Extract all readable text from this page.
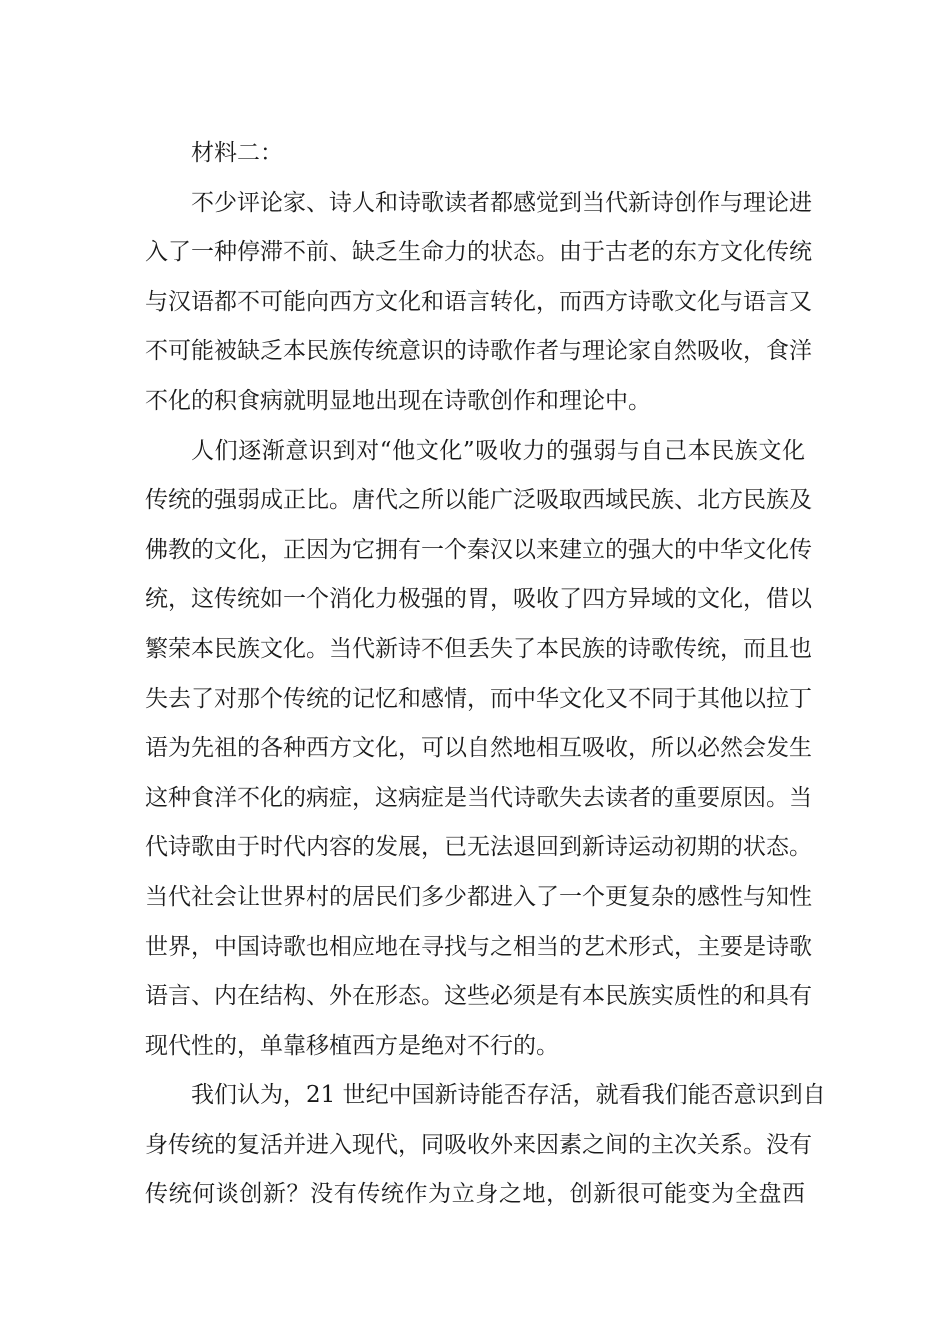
材料二：
不少评论家、诗人和诗歌读者都感觉到当代新诗创作与理论进
入了一种停滞不前、缺乏生命力的状态。由于古老的东方文化传统
与汉语都不可能向西方文化和语言转化，而西方诗歌文化与语言又
不可能被缺乏本民族传统意识的诗歌作者与理论家自然吸收，食洋
不化的积食病就明显地出现在诗歌创作和理论中。
人们逐渐意识到对“他文化”吸收力的强弱与自己本民族文化
传统的强弱成正比。唐代之所以能广泛吸取西域民族、北方民族及
佛教的文化，正因为它拥有一个秦汉以来建立的强大的中华文化传
统，这传统如一个消化力极强的胃，吸收了四方异域的文化，借以
繁荣本民族文化。当代新诗不但丢失了本民族的诗歌传统，而且也
失去了对那个传统的记忆和感情，而中华文化又不同于其他以拉丁
语为先祖的各种西方文化，可以自然地相互吸收，所以必然会发生
这种食洋不化的病症，这病症是当代诗歌失去读者的重要原因。当
代诗歌由于时代内容的发展，已无法退回到新诗运动初期的状态。
当代社会让世界村的居民们多少都进入了一个更复杂的感性与知性
世界，中国诗歌也相应地在寻找与之相当的艺术形式，主要是诗歌
语言、内在结构、外在形态。这些必须是有本民族实质性的和具有
现代性的，单靠移植西方是绝对不行的。
我们认为，21 世纪中国新诗能否存活，就看我们能否意识到自
身传统的复活并进入现代，同吸收外来因素之间的主次关系。没有
传统何谈创新？没有传统作为立身之地，创新很可能变为全盘西
